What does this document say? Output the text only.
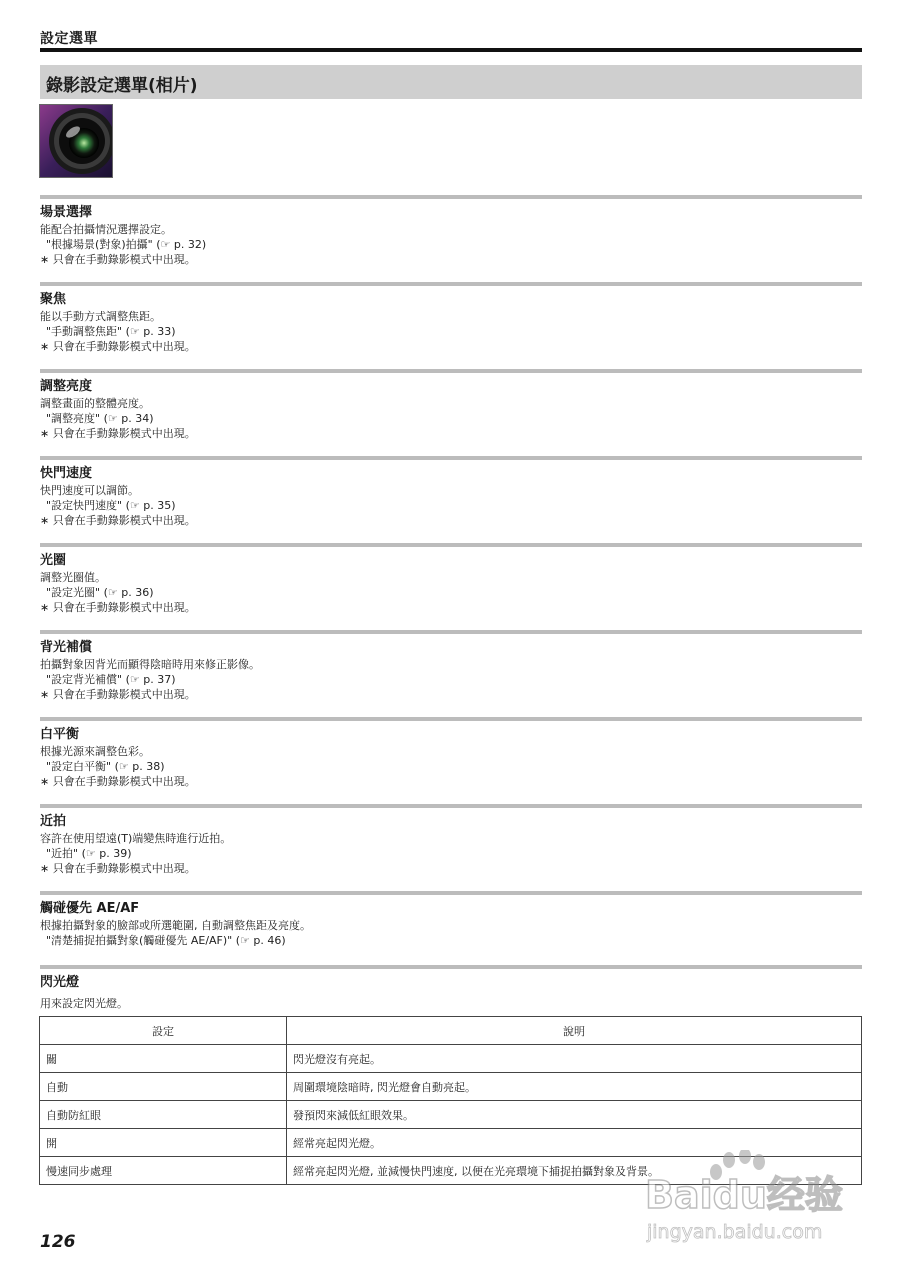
設定選單
錄影設定選單(相片)
場景選擇
能配合拍攝情況選擇設定。
"根據場景(對象)拍攝" (☞ p. 32)
∗ 只會在手動錄影模式中出現。
聚焦
能以手動方式調整焦距。
"手動調整焦距" (☞ p. 33)
∗ 只會在手動錄影模式中出現。
調整亮度
調整畫面的整體亮度。
"調整亮度" (☞ p. 34)
∗ 只會在手動錄影模式中出現。
快門速度
快門速度可以調節。
"設定快門速度" (☞ p. 35)
∗ 只會在手動錄影模式中出現。
光圈
調整光圈值。
"設定光圈" (☞ p. 36)
∗ 只會在手動錄影模式中出現。
背光補償
拍攝對象因背光而顯得陰暗時用來修正影像。
"設定背光補償" (☞ p. 37)
∗ 只會在手動錄影模式中出現。
白平衡
根據光源來調整色彩。
"設定白平衡" (☞ p. 38)
∗ 只會在手動錄影模式中出現。
近拍
容許在使用望遠(T)端變焦時進行近拍。
"近拍" (☞ p. 39)
∗ 只會在手動錄影模式中出現。
觸碰優先 AE/AF
根據拍攝對象的臉部或所選範圍, 自動調整焦距及亮度。
"清楚捕捉拍攝對象(觸碰優先 AE/AF)" (☞ p. 46)
閃光燈
用來設定閃光燈。
設定	說明
關	閃光燈沒有亮起。
自動	周圍環境陰暗時, 閃光燈會自動亮起。
自動防紅眼	發預閃來減低紅眼效果。
開	經常亮起閃光燈。
慢速同步處理	經常亮起閃光燈, 並減慢快門速度, 以便在光亮環境下捕捉拍攝對象及背景。
126
Baidu经验
jingyan.baidu.com
